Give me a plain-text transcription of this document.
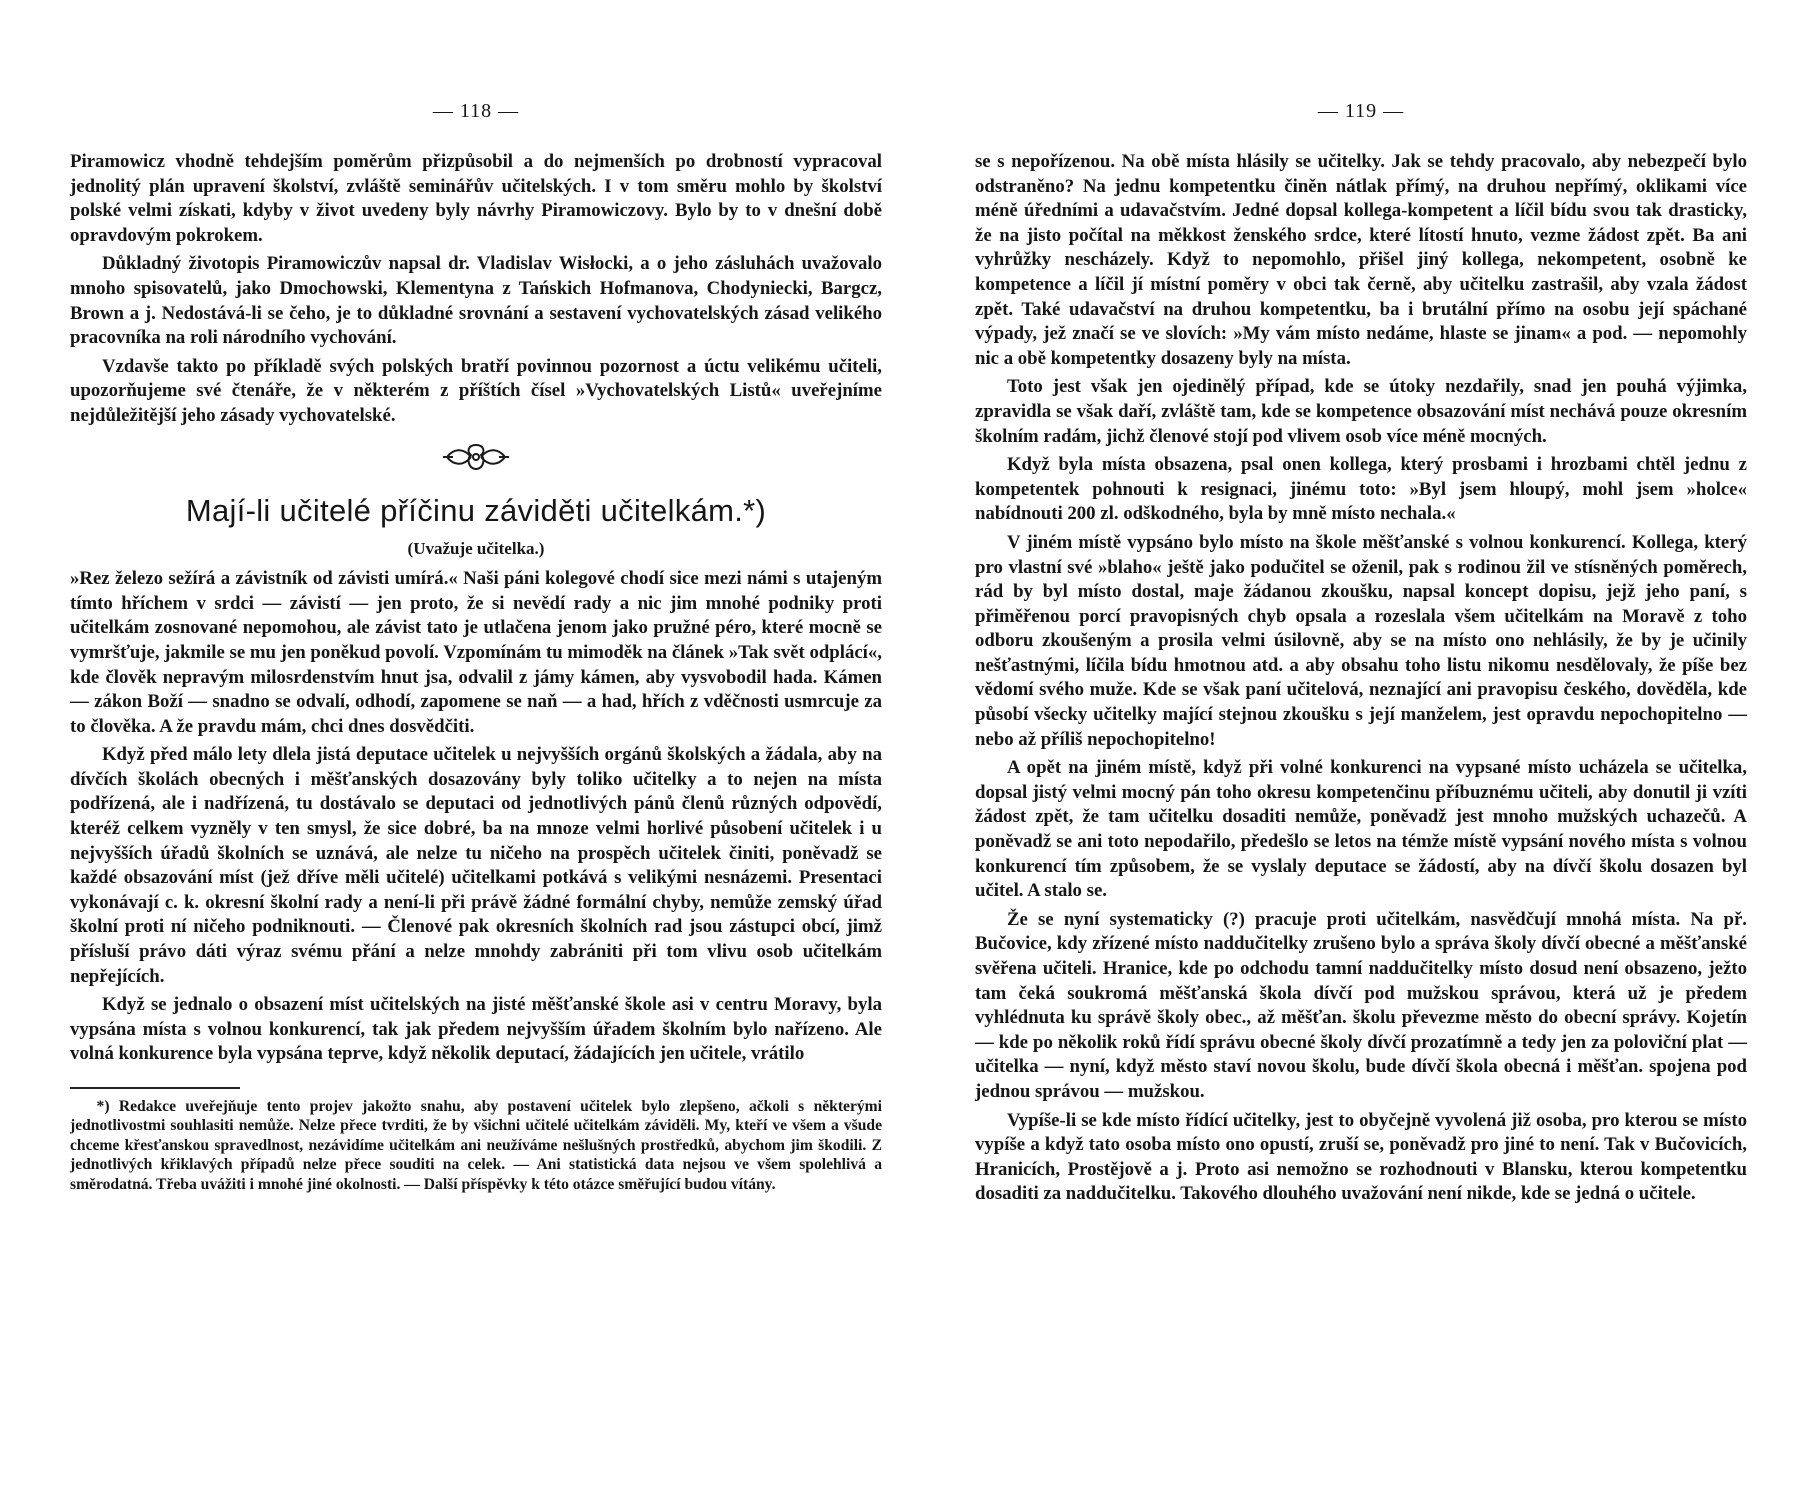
— 118 —

Piramowicz vhodně tehdejším poměrům přizpůsobil a do nejmenších po drobností vypracoval jednolitý plán upravení školství, zvláště seminářův učitelských. I v tom směru mohlo by školství polské velmi získati, kdyby v život uvedeny byly návrhy Piramowiczovy. Bylo by to v dnešní době opravdovým pokrokem.

Důkladný životopis Piramowiczův napsal dr. Vladislav Wisłocki, a o jeho zásluhách uvažovalo mnoho spisovatelů, jako Dmochowski, Klementyna z Tańskich Hofmanova, Chodyniecki, Bargcz, Brown a j. Nedostává-li se čeho, je to důkladné srovnání a sestavení vychovatelských zásad velikého pracovníka na roli národního vychování.

Vzdavše takto po příkladě svých polských bratří povinnou pozornost a úctu velikému učiteli, upozorňujeme své čtenáře, že v některém z příštích čísel »Vychovatelských Listů« uveřejníme nejdůležitější jeho zásady vychovatelské.

Mají-li učitelé příčinu záviděti učitelkám.*)
(Uvažuje učitelka.)

»Rez železo sežírá a závistník od závisti umírá.« Naši páni kolegové chodí sice mezi námi s utajeným tímto hříchem v srdci — závistí — jen proto, že si nevědí rady a nic jim mnohé podniky proti učitelkám zosnované nepomohou, ale závist tato je utlačena jenom jako pružné péro, které mocně se vymršťuje, jakmile se mu jen poněkud povolí. Vzpomínám tu mimoděk na článek »Tak svět odplácí«, kde člověk nepravým milosrdenstvím hnut jsa, odvalil z jámy kámen, aby vysvobodil hada. Kámen — zákon Boží — snadno se odvalí, odhodí, zapomene se naň — a had, hřích z vděčnosti usmrcuje za to člověka. A že pravdu mám, chci dnes dosvědčiti.

Když před málo lety dlela jistá deputace učitelek u nejvyšších orgánů školských a žádala, aby na dívčích školách obecných i měšťanských dosazovány byly toliko učitelky a to nejen na místa podřízená, ale i nadřízená, tu dostávalo se deputaci od jednotlivých pánů členů různých odpovědí, kteréž celkem vyzněly v ten smysl, že sice dobré, ba na mnoze velmi horlivé působení učitelek i u nejvyšších úřadů školních se uznává, ale nelze tu ničeho na prospěch učitelek činiti, poněvadž se každé obsazování míst (jež dříve měli učitelé) učitelkami potkává s velikými nesnázemi. Presentaci vykonávají c. k. okresní školní rady a není-li při právě žádné formální chyby, nemůže zemský úřad školní proti ní ničeho podniknouti. — Členové pak okresních školních rad jsou zástupci obcí, jimž přísluší právo dáti výraz svému přání a nelze mnohdy zabrániti při tom vlivu osob učitelkám nepřejících.

Když se jednalo o obsazení míst učitelských na jisté měšťanské škole asi v centru Moravy, byla vypsána místa s volnou konkurencí, tak jak předem nejvyšším úřadem školním bylo nařízeno. Ale volná konkurence byla vypsána teprve, když několik deputací, žádajících jen učitele, vrátilo

*) Redakce uveřejňuje tento projev jakožto snahu, aby postavení učitelek bylo zlepšeno, ačkoli s některými jednotlivostmi souhlasiti nemůže. Nelze přece tvrditi, že by všichni učitelé učitelkám záviděli. My, kteří ve všem a všude chceme křesťanskou spravedlnost, nezávidíme učitelkám ani neužíváme nešlušných prostředků, abychom jim škodili. Z jednotlivých křiklavých případů nelze přece souditi na celek. — Ani statistická data nejsou ve všem spolehlivá a směrodatná. Třeba uvážiti i mnohé jiné okolnosti. — Další příspěvky k této otázce směřující budou vítány.

— 119 —

se s nepořízenou. Na obě místa hlásily se učitelky. Jak se tehdy pracovalo, aby nebezpečí bylo odstraněno? Na jednu kompetentku činěn nátlak přímý, na druhou nepřímý, oklikami více méně úředními a udavačstvím. Jedné dopsal kollega-kompetent a líčil bídu svou tak drasticky, že na jisto počítal na měkkost ženského srdce, které lítostí hnuto, vezme žádost zpět. Ba ani vyhrůžky nescházely. Když to nepomohlo, přišel jiný kollega, nekompetent, osobně ke kompetence a líčil jí místní poměry v obci tak černě, aby učitelku zastrašil, aby vzala žádost zpět. Také udavačství na druhou kompetentku, ba i brutální přímo na osobu její spáchané výpady, jež značí se ve slovích: »My vám místo nedáme, hlaste se jinam« a pod. — nepomohly nic a obě kompetentky dosazeny byly na místa.

Toto jest však jen ojedinělý případ, kde se útoky nezdařily, snad jen pouhá výjimka, zpravidla se však daří, zvláště tam, kde se kompetence obsazování míst nechává pouze okresním školním radám, jichž členové stojí pod vlivem osob více méně mocných.

Když byla místa obsazena, psal onen kollega, který prosbami i hrozbami chtěl jednu z kompetentek pohnouti k resignaci, jinému toto: »Byl jsem hloupý, mohl jsem »holce« nabídnouti 200 zl. odškodného, byla by mně místo nechala.«

V jiném místě vypsáno bylo místo na škole měšťanské s volnou konkurencí. Kollega, který pro vlastní své »blaho« ještě jako podučitel se oženil, pak s rodinou žil ve stísněných poměrech, rád by byl místo dostal, maje žádanou zkoušku, napsal koncept dopisu, jejž jeho paní, s přiměřenou porcí pravopisných chyb opsala a rozeslala všem učitelkám na Moravě z toho odboru zkoušeným a prosila velmi úsilovně, aby se na místo ono nehlásily, že by je učinily nešťastnými, líčila bídu hmotnou atd. a aby obsahu toho listu nikomu nesdělovaly, že píše bez vědomí svého muže. Kde se však paní učitelová, neznající ani pravopisu českého, dověděla, kde působí všecky učitelky mající stejnou zkoušku s její manželem, jest opravdu nepochopitelno — nebo až příliš nepochopitelno!

A opět na jiném místě, když při volné konkurenci na vypsané místo ucházela se učitelka, dopsal jistý velmi mocný pán toho okresu kompetenčinu příbuznému učiteli, aby donutil ji vzíti žádost zpět, že tam učitelku dosaditi nemůže, poněvadž jest mnoho mužských uchazečů. A poněvadž se ani toto nepodařilo, předešlo se letos na témže místě vypsání nového místa s volnou konkurencí tím způsobem, že se vyslaly deputace se žádostí, aby na dívčí školu dosazen byl učitel. A stalo se.

Že se nyní systematicky (?) pracuje proti učitelkám, nasvědčují mnohá místa. Na př. Bučovice, kdy zřízené místo naddučitelky zrušeno bylo a správa školy dívčí obecné a měšťanské svěřena učiteli. Hranice, kde po odchodu tamní naddučitelky místo dosud není obsazeno, ježto tam čeká soukromá měšťanská škola dívčí pod mužskou správou, která už je předem vyhlédnuta ku správě školy obec., až měšťan. školu převezme město do obecní správy. Kojetín — kde po několik roků řídí správu obecné školy dívčí prozatímně a tedy jen za poloviční plat — učitelka — nyní, když město staví novou školu, bude dívčí škola obecná i měšťan. spojena pod jednou správou — mužskou.

Vypíše-li se kde místo řídící učitelky, jest to obyčejně vyvolená již osoba, pro kterou se místo vypíše a když tato osoba místo ono opustí, zruší se, poněvadž pro jiné to není. Tak v Bučovicích, Hranicích, Prostějově a j. Proto asi nemožno se rozhodnouti v Blansku, kterou kompetentku dosaditi za naddučitelku. Takového dlouhého uvažování není nikde, kde se jedná o učitele.
